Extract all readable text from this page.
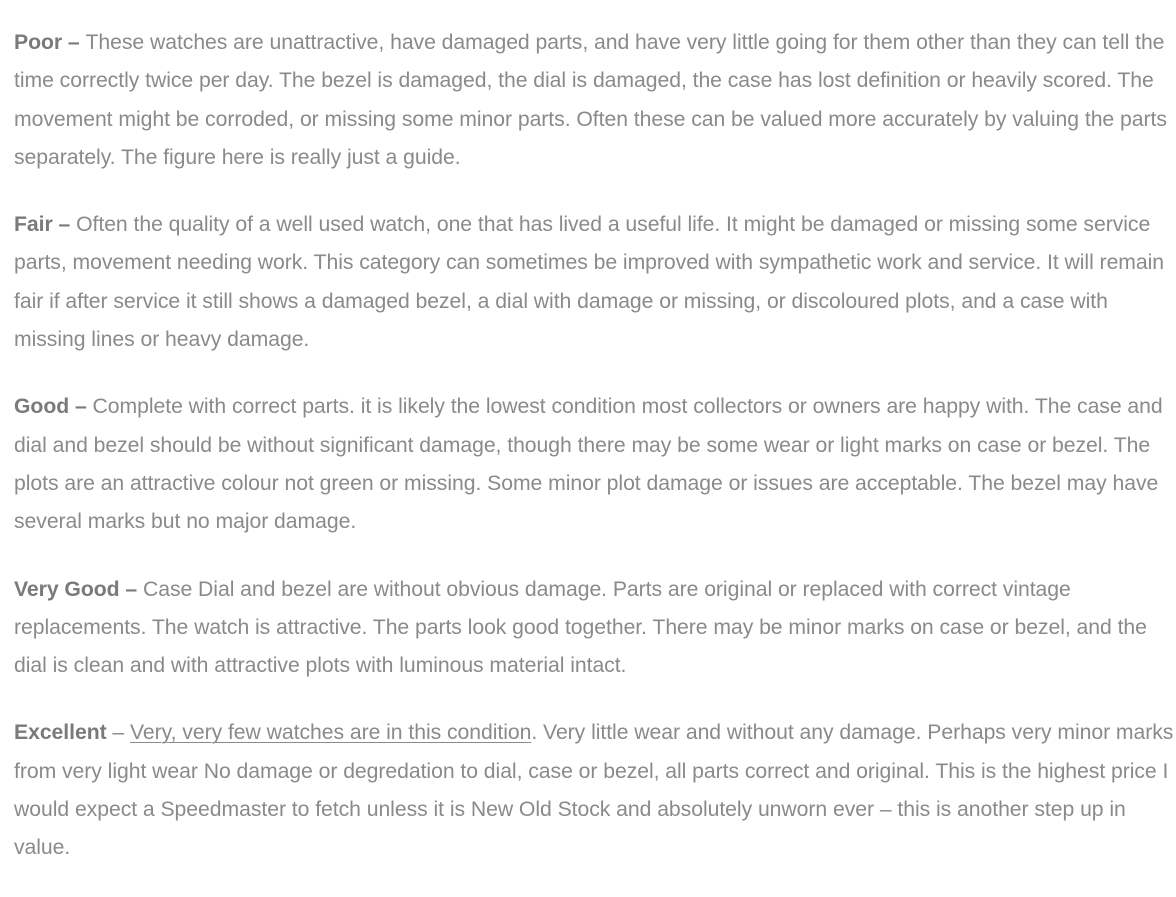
Poor – These watches are unattractive, have damaged parts, and have very little going for them other than they can tell the time correctly twice per day. The bezel is damaged, the dial is damaged, the case has lost definition or heavily scored. The movement might be corroded, or missing some minor parts. Often these can be valued more accurately by valuing the parts separately. The figure here is really just a guide.

Fair – Often the quality of a well used watch, one that has lived a useful life. It might be damaged or missing some service parts, movement needing work. This category can sometimes be improved with sympathetic work and service. It will remain fair if after service it still shows a damaged bezel, a dial with damage or missing, or discoloured plots, and a case with missing lines or heavy damage.

Good – Complete with correct parts. it is likely the lowest condition most collectors or owners are happy with. The case and dial and bezel should be without significant damage, though there may be some wear or light marks on case or bezel. The plots are an attractive colour not green or missing. Some minor plot damage or issues are acceptable. The bezel may have several marks but no major damage.

Very Good – Case Dial and bezel are without obvious damage. Parts are original or replaced with correct vintage replacements. The watch is attractive. The parts look good together. There may be minor marks on case or bezel, and the dial is clean and with attractive plots with luminous material intact.

Excellent – Very, very few watches are in this condition. Very little wear and without any damage. Perhaps very minor marks from very light wear No damage or degredation to dial, case or bezel, all parts correct and original. This is the highest price I would expect a Speedmaster to fetch unless it is New Old Stock and absolutely unworn ever – this is another step up in value.
